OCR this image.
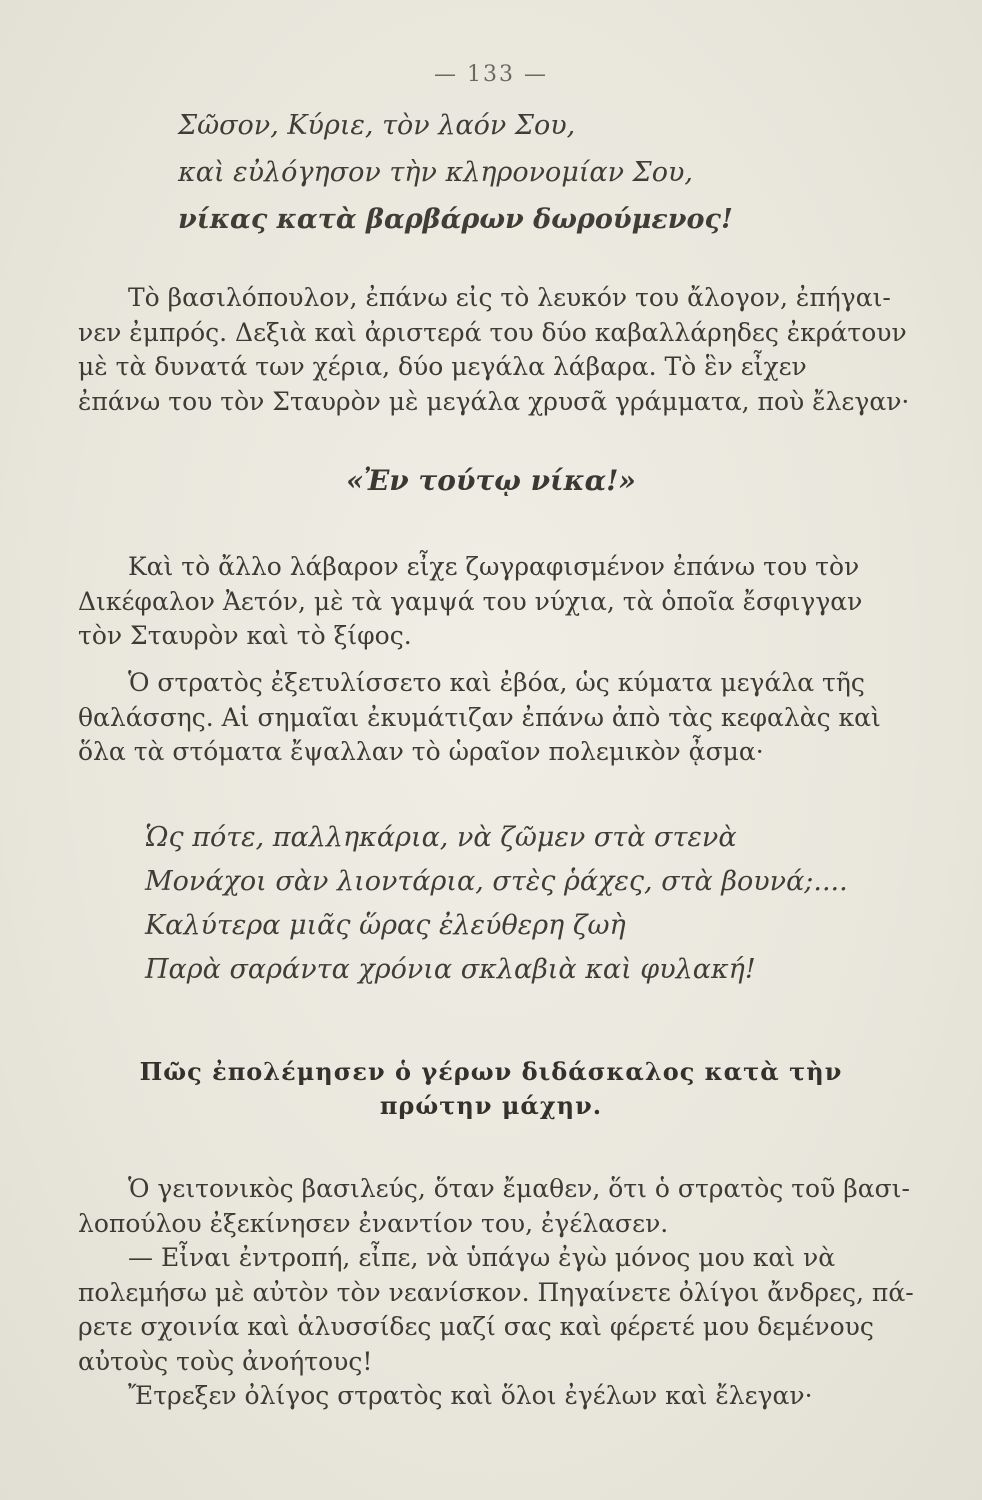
— 133 —
Σῶσον, Κύριε, τὸν λαόν Σου,
καὶ εὐλόγησον τὴν κληρονομίαν Σου,
νίκας κατὰ βαρβάρων δωρούμενος!
Τὸ βασιλόπουλον, ἐπάνω εἰς τὸ λευκόν του ἄλογον, ἐπήγαι-
νεν ἐμπρός. Δεξιὰ καὶ ἀριστερά του δύο καβαλλάρηδες ἐκράτουν
μὲ τὰ δυνατά των χέρια, δύο μεγάλα λάβαρα. Τὸ ἓν εἶχεν
ἐπάνω του τὸν Σταυρὸν μὲ μεγάλα χρυσᾶ γράμματα, ποὺ ἔλεγαν·
«Ἐν τούτῳ νίκα!»
Καὶ τὸ ἄλλο λάβαρον εἶχε ζωγραφισμένον ἐπάνω του τὸν
Δικέφαλον Ἀετόν, μὲ τὰ γαμψά του νύχια, τὰ ὁποῖα ἔσφιγγαν
τὸν Σταυρὸν καὶ τὸ ξίφος.
Ὁ στρατὸς ἐξετυλίσσετο καὶ ἐβόα, ὡς κύματα μεγάλα τῆς
θαλάσσης. Αἱ σημαῖαι ἐκυμάτιζαν ἐπάνω ἀπὸ τὰς κεφαλὰς καὶ
ὅλα τὰ στόματα ἔψαλλαν τὸ ὡραῖον πολεμικὸν ᾆσμα·
Ὡς πότε, παλληκάρια, νὰ ζῶμεν στὰ στενὰ
Μονάχοι σὰν λιοντάρια, στὲς ῥάχες, στὰ βουνά;....
Καλύτερα μιᾶς ὥρας ἐλεύθερη ζωὴ
Παρὰ σαράντα χρόνια σκλαβιὰ καὶ φυλακή!
Πῶς ἐπολέμησεν ὁ γέρων διδάσκαλος κατὰ τὴν
πρώτην μάχην.
Ὁ γειτονικὸς βασιλεύς, ὅταν ἔμαθεν, ὅτι ὁ στρατὸς τοῦ βασι-
λοπούλου ἐξεκίνησεν ἐναντίον του, ἐγέλασεν.
— Εἶναι ἐντροπή, εἶπε, νὰ ὑπάγω ἐγὼ μόνος μου καὶ νὰ
πολεμήσω μὲ αὐτὸν τὸν νεανίσκον. Πηγαίνετε ὀλίγοι ἄνδρες, πά-
ρετε σχοινία καὶ ἁλυσσίδες μαζί σας καὶ φέρετέ μου δεμένους
αὐτοὺς τοὺς ἀνοήτους!
Ἔτρεξεν ὀλίγος στρατὸς καὶ ὅλοι ἐγέλων καὶ ἔλεγαν·
